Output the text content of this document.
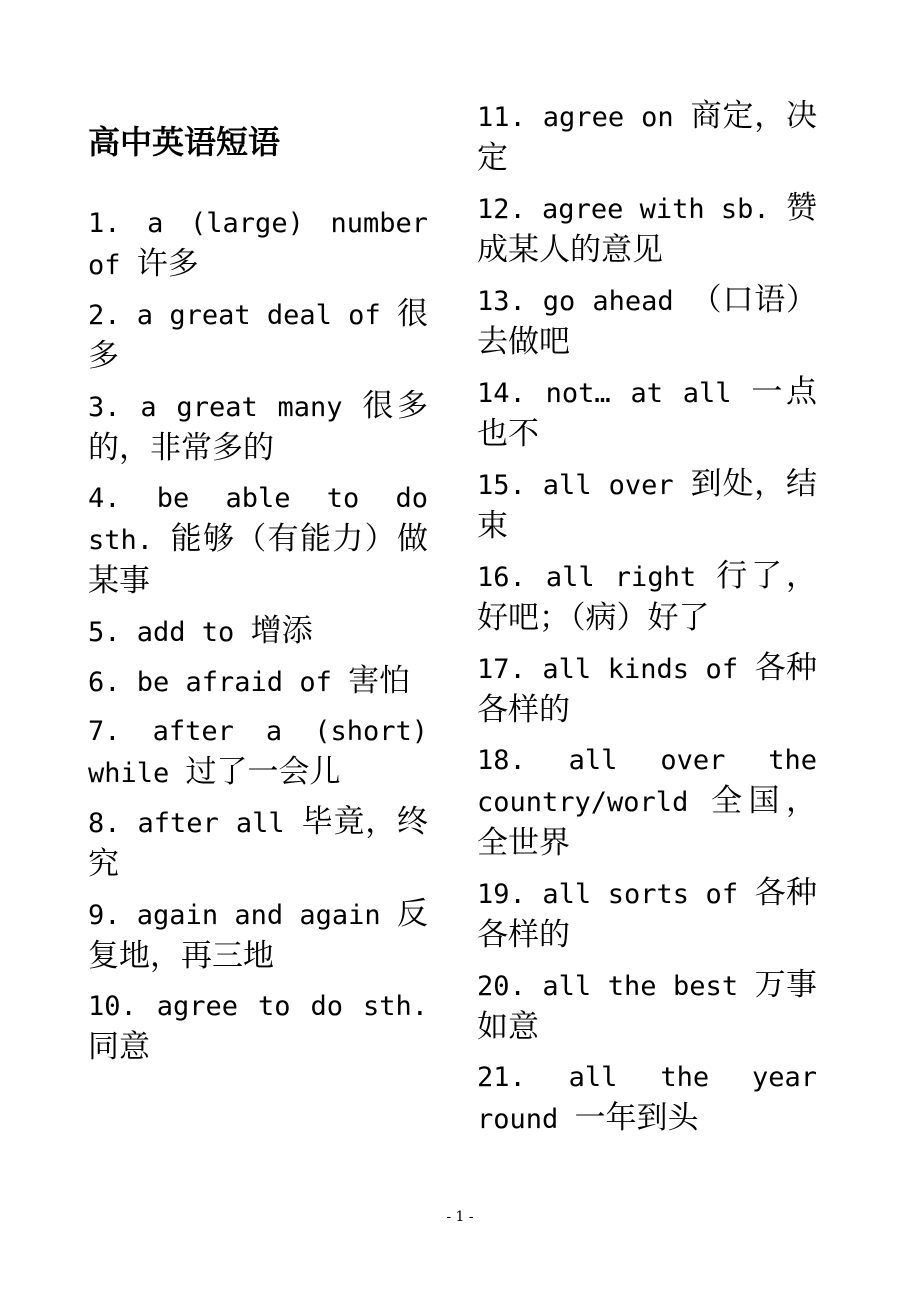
高中英语短语

1. a (large) number of 许多

2. a great deal of 很多

3. a great many 很多的，非常多的

4. be able to do sth. 能够（有能力）做某事

5. add to 增添

6. be afraid of 害怕

7. after a (short) while 过了一会儿

8. after all 毕竟，终究

9. again and again 反复地，再三地

10. agree to do sth. 同意

11. agree on 商定，决定

12. agree with sb. 赞成某人的意见

13. go ahead （口语）去做吧

14. not… at all 一点也不

15. all over 到处，结束

16. all right 行了，好吧；（病）好了

17. all kinds of 各种各样的

18. all over the country/world 全国，全世界

19. all sorts of 各种各样的

20. all the best 万事如意

21. all the year round 一年到头

- 1 -
